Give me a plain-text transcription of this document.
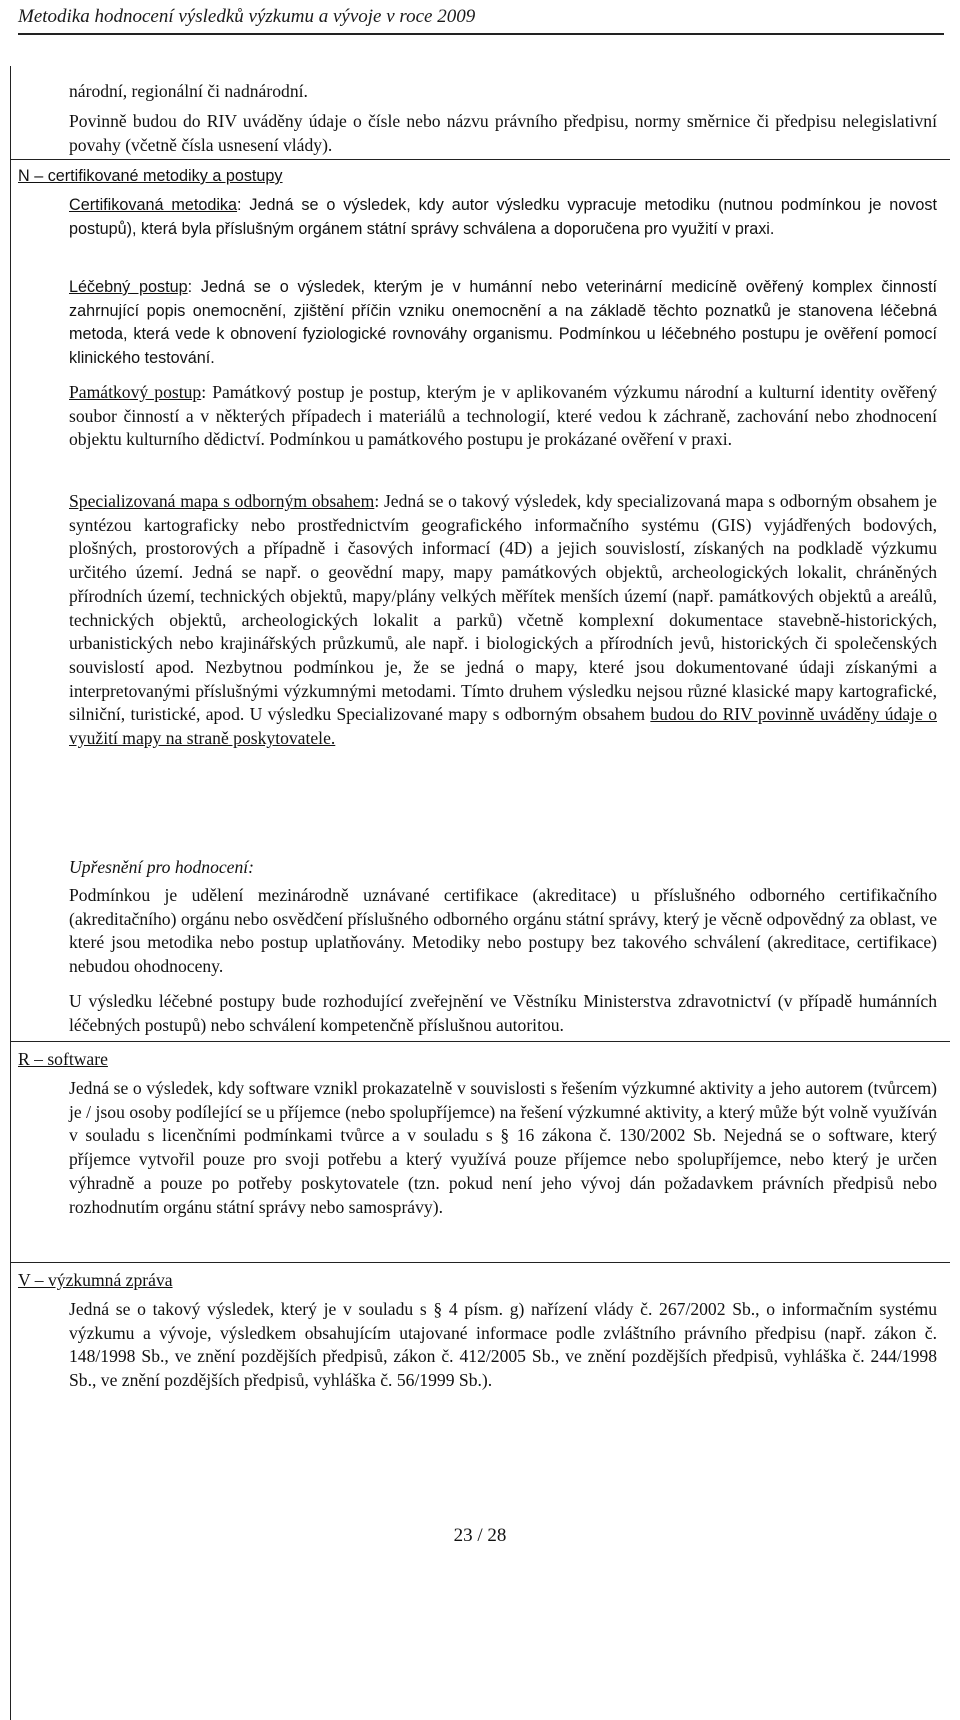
Metodika hodnocení výsledků výzkumu a vývoje v roce 2009

národní, regionální či nadnárodní.

Povinně budou do RIV uváděny údaje o čísle nebo názvu právního předpisu, normy směrnice či předpisu nelegislativní povahy (včetně čísla usnesení vlády).

N – certifikované metodiky a postupy

Certifikovaná metodika: Jedná se o výsledek, kdy autor výsledku vypracuje metodiku (nutnou podmínkou je novost postupů), která byla příslušným orgánem státní správy schválena a doporučena pro využití v praxi.

Léčebný postup: Jedná se o výsledek, kterým je v humánní nebo veterinární medicíně ověřený komplex činností zahrnující popis onemocnění, zjištění příčin vzniku onemocnění a na základě těchto poznatků je stanovena léčebná metoda, která vede k obnovení fyziologické rovnováhy organismu. Podmínkou u léčebného postupu je ověření pomocí klinického testování.

Památkový postup: Památkový postup je postup, kterým je v aplikovaném výzkumu národní a kulturní identity ověřený soubor činností a v některých případech i materiálů a technologií, které vedou k záchraně, zachování nebo zhodnocení objektu kulturního dědictví. Podmínkou u památkového postupu je prokázané ověření v praxi.

Specializovaná mapa s odborným obsahem: Jedná se o takový výsledek, kdy specializovaná mapa s odborným obsahem je syntézou kartograficky nebo prostřednictvím geografického informačního systému (GIS) vyjádřených bodových, plošných, prostorových a případně i časových informací (4D) a jejich souvislostí, získaných na podkladě výzkumu určitého území. Jedná se např. o geovědní mapy, mapy památkových objektů, archeologických lokalit, chráněných přírodních území, technických objektů, mapy/plány velkých měřítek menších území (např. památkových objektů a areálů, technických objektů, archeologických lokalit a parků) včetně komplexní dokumentace stavebně-historických, urbanistických nebo krajinářských průzkumů, ale např. i biologických a přírodních jevů, historických či společenských souvislostí apod. Nezbytnou podmínkou je, že se jedná o mapy, které jsou dokumentované údaji získanými a interpretovanými příslušnými výzkumnými metodami. Tímto druhem výsledku nejsou různé klasické mapy kartografické, silniční, turistické, apod. U výsledku Specializované mapy s odborným obsahem budou do RIV povinně uváděny údaje o využití mapy na straně poskytovatele.

Upřesnění pro hodnocení:

Podmínkou je udělení mezinárodně uznávané certifikace (akreditace) u příslušného odborného certifikačního (akreditačního) orgánu nebo osvědčení příslušného odborného orgánu státní správy, který je věcně odpovědný za oblast, ve které jsou metodika nebo postup uplatňovány. Metodiky nebo postupy bez takového schválení (akreditace, certifikace) nebudou ohodnoceny.

U výsledku léčebné postupy bude rozhodující zveřejnění ve Věstníku Ministerstva zdravotnictví (v případě humánních léčebných postupů) nebo schválení kompetenčně příslušnou autoritou.

R – software

Jedná se o výsledek, kdy software vznikl prokazatelně v souvislosti s řešením výzkumné aktivity a jeho autorem (tvůrcem) je / jsou osoby podílející se u příjemce (nebo spolupříjemce) na řešení výzkumné aktivity, a který může být volně využíván v souladu s licenčními podmínkami tvůrce a v souladu s § 16 zákona č. 130/2002 Sb. Nejedná se o software, který příjemce vytvořil pouze pro svoji potřebu a který využívá pouze příjemce nebo spolupříjemce, nebo který je určen výhradně a pouze po potřeby poskytovatele (tzn. pokud není jeho vývoj dán požadavkem právních předpisů nebo rozhodnutím orgánu státní správy nebo samosprávy).

V – výzkumná zpráva

Jedná se o takový výsledek, který je v souladu s § 4 písm. g) nařízení vlády č. 267/2002 Sb., o informačním systému výzkumu a vývoje, výsledkem obsahujícím utajované informace podle zvláštního právního předpisu (např. zákon č. 148/1998 Sb., ve znění pozdějších předpisů, zákon č. 412/2005 Sb., ve znění pozdějších předpisů, vyhláška č. 244/1998 Sb., ve znění pozdějších předpisů, vyhláška č. 56/1999 Sb.).

23 / 28
